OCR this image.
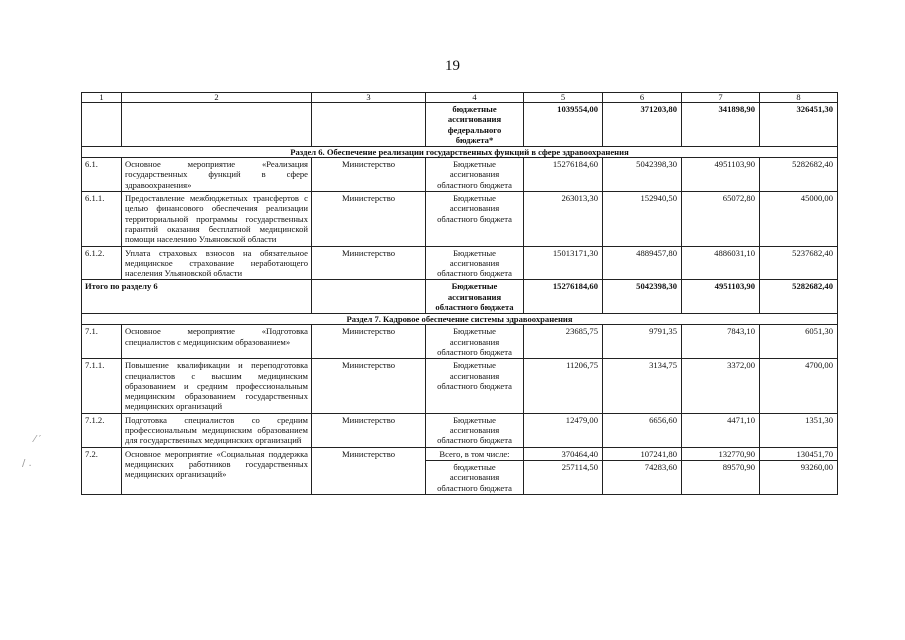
19
⁄ ′
/ .
1	2	3	4	5	6	7	8
			бюджетные ассигнования федерального бюджета*	1039554,00	371203,80	341898,90	326451,30
Раздел 6. Обеспечение реализации государственных функций в сфере здравоохранения							
6.1.	Основное мероприятие «Реализация государственных функций в сфере здравоохранения»	Министерство	Бюджетные ассигнования областного бюджета	15276184,60	5042398,30	4951103,90	5282682,40
6.1.1.	Предоставление межбюджетных трансфертов с целью финансового обеспечения реализации территориальной программы государственных гарантий оказания бесплатной медицинской помощи населению Ульяновской области	Министерство	Бюджетные ассигнования областного бюджета	263013,30	152940,50	65072,80	45000,00
6.1.2.	Уплата страховых взносов на обязательное медицинское страхование неработающего населения Ульяновской области	Министерство	Бюджетные ассигнования областного бюджета	15013171,30	4889457,80	4886031,10	5237682,40
Итого по разделу 6			Бюджетные ассигнования областного бюджета	15276184,60	5042398,30	4951103,90	5282682,40
Раздел 7. Кадровое обеспечение системы здравоохранения							
7.1.	Основное мероприятие «Подготовка специалистов с медицинским образованием»	Министерство	Бюджетные ассигнования областного бюджета	23685,75	9791,35	7843,10	6051,30
7.1.1.	Повышение квалификации и переподготовка специалистов с высшим медицинским образованием и средним профессиональным медицинским образованием государственных медицинских организаций	Министерство	Бюджетные ассигнования областного бюджета	11206,75	3134,75	3372,00	4700,00
7.1.2.	Подготовка специалистов со средним профессиональным медицинским образованием для государственных медицинских организаций	Министерство	Бюджетные ассигнования областного бюджета	12479,00	6656,60	4471,10	1351,30
7.2.	Основное мероприятие «Социальная поддержка медицинских работников государственных медицинских организаций»	Министерство	Всего, в том числе:	370464,40	107241,80	132770,90	130451,70
			бюджетные ассигнования областного бюджета	257114,50	74283,60	89570,90	93260,00
